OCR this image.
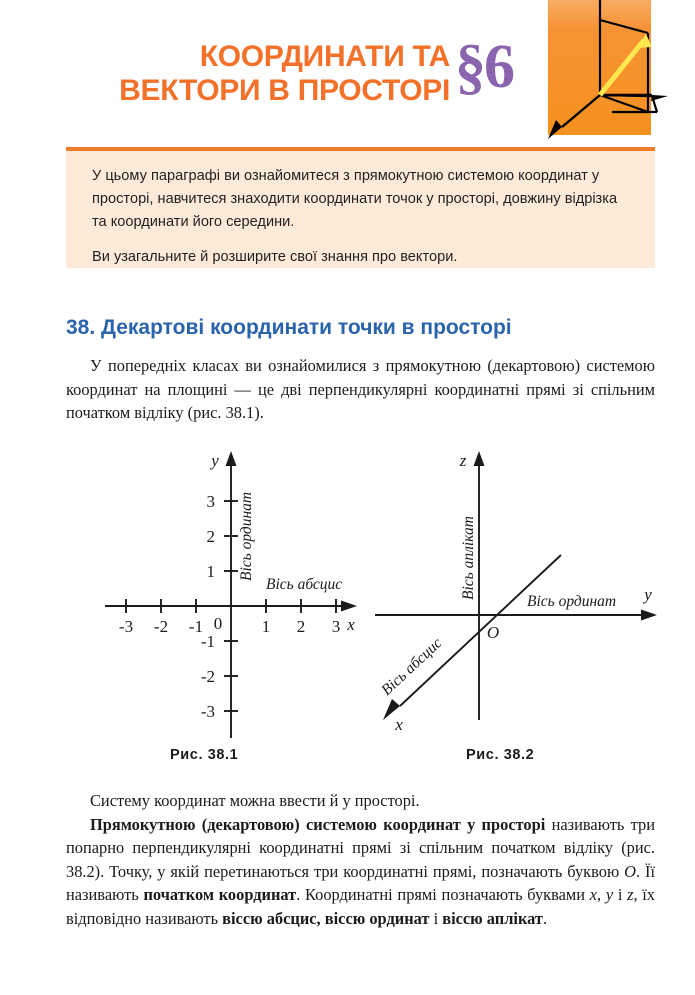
КООРДИНАТИ ТА
ВЕКТОРИ В ПРОСТОРІ §6

У цьому параграфі ви ознайомитеся з прямокутною системою координат у просторі, навчитеся знаходити координати точок у просторі, довжину відрізка та координати його середини.

Ви узагальните й розширите свої знання про вектори.

38. Декартові координати точки в просторі

У попередніх класах ви ознайомилися з прямокутною (декартовою) системою координат на площині — це дві перпендикулярні координатні прямі зі спільним початком відліку (рис. 38.1).

-3 -2 -1	1 2 3
0
3
2
1
-1
-2
-3
y
x
Вісь абсцис
Вісь ординат
z
y
x
O
Вісь аплікат
Вісь ординат
Вісь абсцис
Рис. 38.1	Рис. 38.2

Систему координат можна ввести й у просторі.

Прямокутною (декартовою) системою координат у просторі називають три попарно перпендикулярні координатні прямі зі спільним початком відліку (рис. 38.2). Точку, у якій перетинаються три координатні прямі, позначають буквою O. Її називають початком координат. Координатні прямі позначають буквами x, y і z, їх відповідно називають віссю абсцис, віссю ординат і віссю аплікат.
